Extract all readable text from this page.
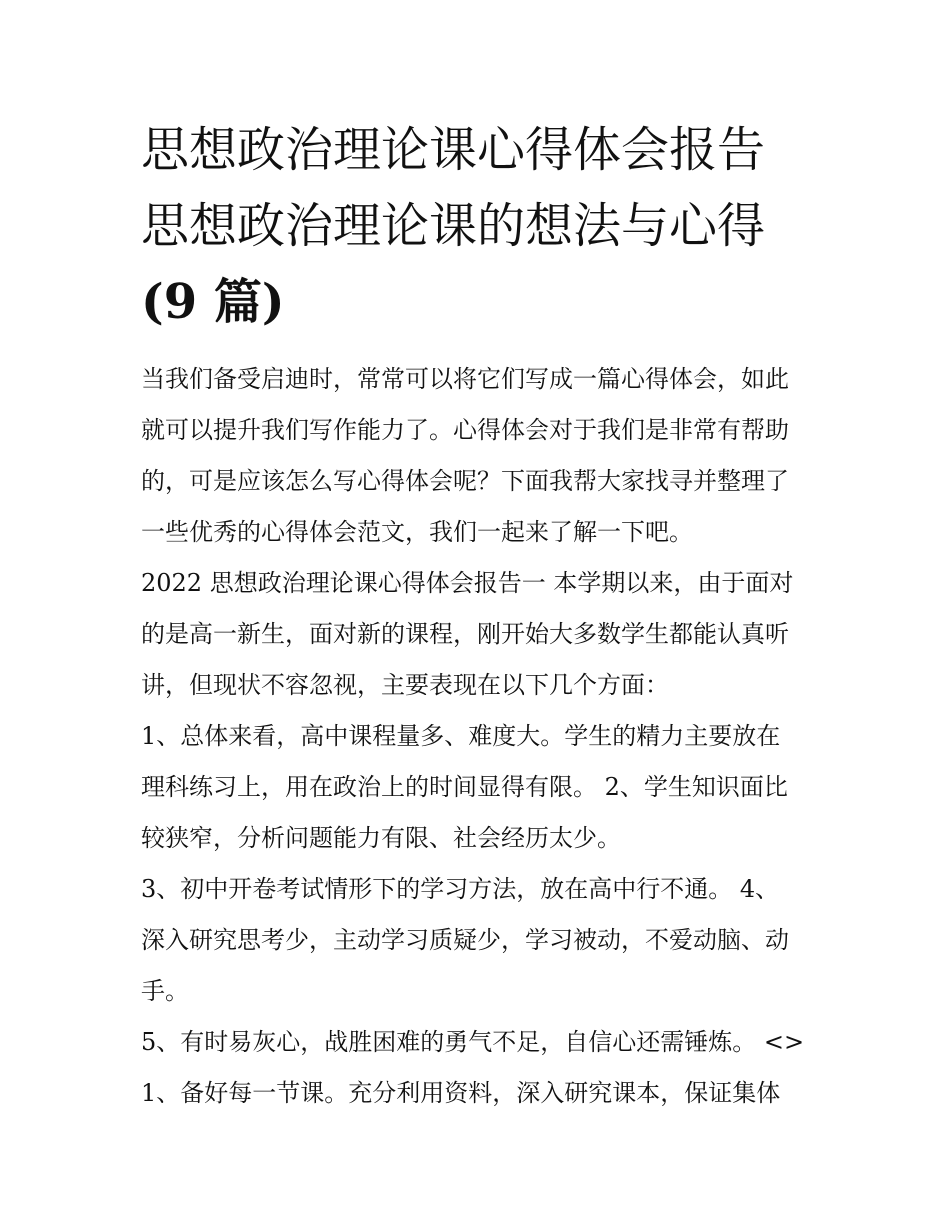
思想政治理论课心得体会报告
思想政治理论课的想法与心得
(9 篇)

当我们备受启迪时，常常可以将它们写成一篇心得体会，如此
就可以提升我们写作能力了。心得体会对于我们是非常有帮助
的，可是应该怎么写心得体会呢？下面我帮大家找寻并整理了
一些优秀的心得体会范文，我们一起来了解一下吧。

2022 思想政治理论课心得体会报告一 本学期以来，由于面对
的是高一新生，面对新的课程，刚开始大多数学生都能认真听
讲，但现状不容忽视，主要表现在以下几个方面：

1、总体来看，高中课程量多、难度大。学生的精力主要放在
理科练习上，用在政治上的时间显得有限。 2、学生知识面比
较狭窄，分析问题能力有限、社会经历太少。

3、初中开卷考试情形下的学习方法，放在高中行不通。 4、
深入研究思考少，主动学习质疑少，学习被动，不爱动脑、动
手。

5、有时易灰心，战胜困难的勇气不足，自信心还需锤炼。 <>

1、备好每一节课。充分利用资料，深入研究课本，保证集体
